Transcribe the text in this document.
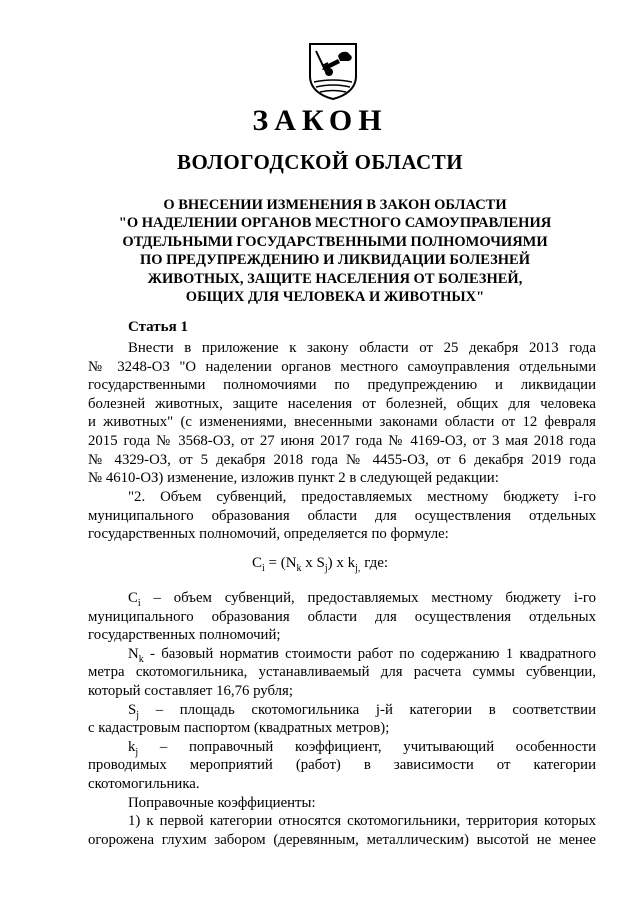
ЗАКОН
ВОЛОГОДСКОЙ ОБЛАСТИ
О ВНЕСЕНИИ ИЗМЕНЕНИЯ В ЗАКОН ОБЛАСТИ
"О НАДЕЛЕНИИ ОРГАНОВ МЕСТНОГО САМОУПРАВЛЕНИЯ
ОТДЕЛЬНЫМИ ГОСУДАРСТВЕННЫМИ ПОЛНОМОЧИЯМИ
ПО ПРЕДУПРЕЖДЕНИЮ И ЛИКВИДАЦИИ БОЛЕЗНЕЙ
ЖИВОТНЫХ, ЗАЩИТЕ НАСЕЛЕНИЯ ОТ БОЛЕЗНЕЙ,
ОБЩИХ ДЛЯ ЧЕЛОВЕКА И ЖИВОТНЫХ"
Статья 1
Внести в приложение к закону области от 25 декабря 2013 года
№ 3248-ОЗ "О наделении органов местного самоуправления отдельными
государственными полномочиями по предупреждению и ликвидации
болезней животных, защите населения от болезней, общих для человека
и животных" (с изменениями, внесенными законами области от 12 февраля
2015 года № 3568-ОЗ, от 27 июня 2017 года № 4169-ОЗ, от 3 мая 2018 года
№ 4329-ОЗ, от 5 декабря 2018 года № 4455-ОЗ, от 6 декабря 2019 года
№ 4610-ОЗ) изменение, изложив пункт 2 в следующей редакции:
"2. Объем субвенций, предоставляемых местному бюджету i-го
муниципального образования области для осуществления отдельных
государственных полномочий, определяется по формуле:
$C_i = (N_k$ x $S_j$) x $k_{j,}$ где:
$C_i$ – объем субвенций, предоставляемых местному бюджету i-го
муниципального образования области для осуществления отдельных
государственных полномочий;
$N_k$ - базовый норматив стоимости работ по содержанию 1 квадратного
метра скотомогильника, устанавливаемый для расчета суммы субвенции,
который составляет 16,76 рубля;
$S_j$ – площадь скотомогильника j-й категории в соответствии
с кадастровым паспортом (квадратных метров);
$k_j$ – поправочный коэффициент, учитывающий особенности
проводимых мероприятий (работ) в зависимости от категории
скотомогильника.
Поправочные коэффициенты:
1) к первой категории относятся скотомогильники, территория которых
огорожена глухим забором (деревянным, металлическим) высотой не менее
